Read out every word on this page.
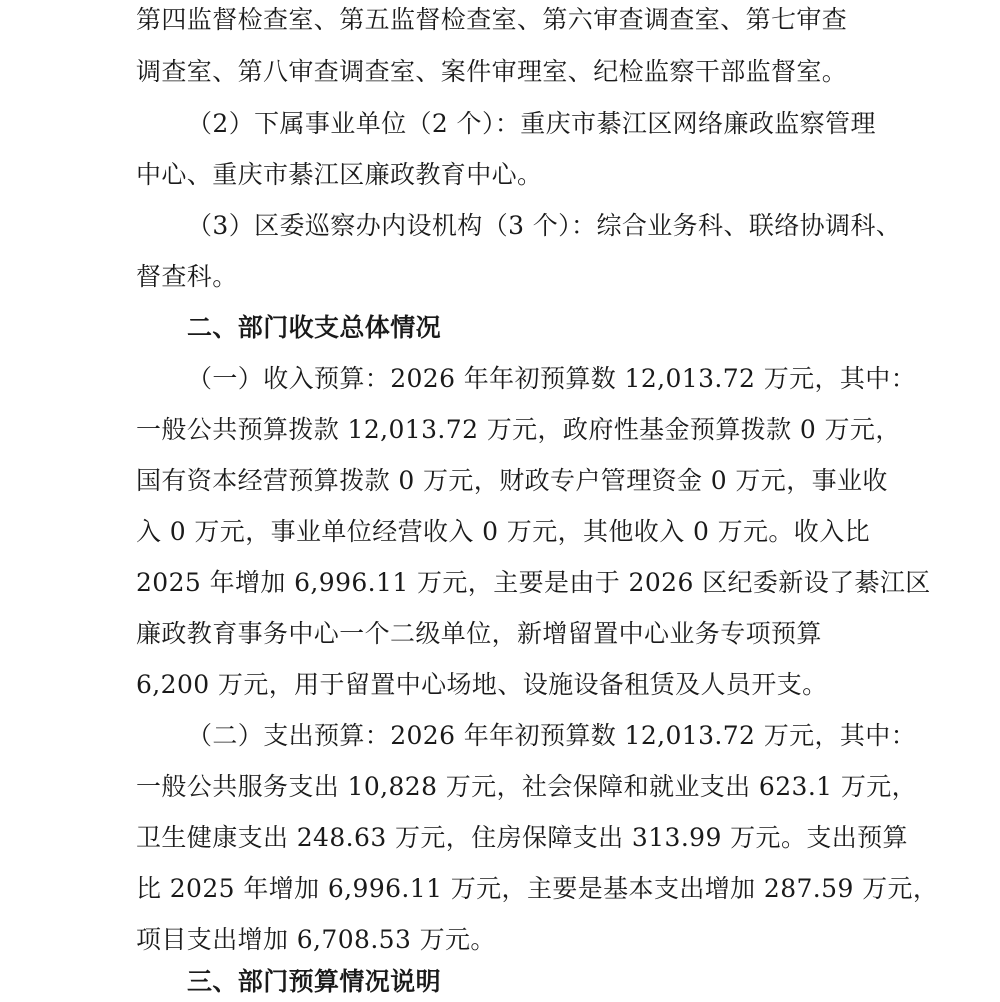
第四监督检查室、第五监督检查室、第六审查调查室、第七审查
调查室、第八审查调查室、案件审理室、纪检监察干部监督室。
（2）下属事业单位（2 个）：重庆市綦江区网络廉政监察管理
中心、重庆市綦江区廉政教育中心。
（3）区委巡察办内设机构（3 个）：综合业务科、联络协调科、
督查科。
二、部门收支总体情况
（一）收入预算：2026 年年初预算数 12,013.72 万元，其中：
一般公共预算拨款 12,013.72 万元，政府性基金预算拨款 0 万元，
国有资本经营预算拨款 0 万元，财政专户管理资金 0 万元，事业收
入 0 万元，事业单位经营收入 0 万元，其他收入 0 万元。收入比
2025 年增加 6,996.11 万元，主要是由于 2026 区纪委新设了綦江区
廉政教育事务中心一个二级单位，新增留置中心业务专项预算
6,200 万元，用于留置中心场地、设施设备租赁及人员开支。
（二）支出预算：2026 年年初预算数 12,013.72 万元，其中：
一般公共服务支出 10,828 万元，社会保障和就业支出 623.1 万元，
卫生健康支出 248.63 万元，住房保障支出 313.99 万元。支出预算
比 2025 年增加 6,996.11 万元，主要是基本支出增加 287.59 万元，
项目支出增加 6,708.53 万元。
三、部门预算情况说明
